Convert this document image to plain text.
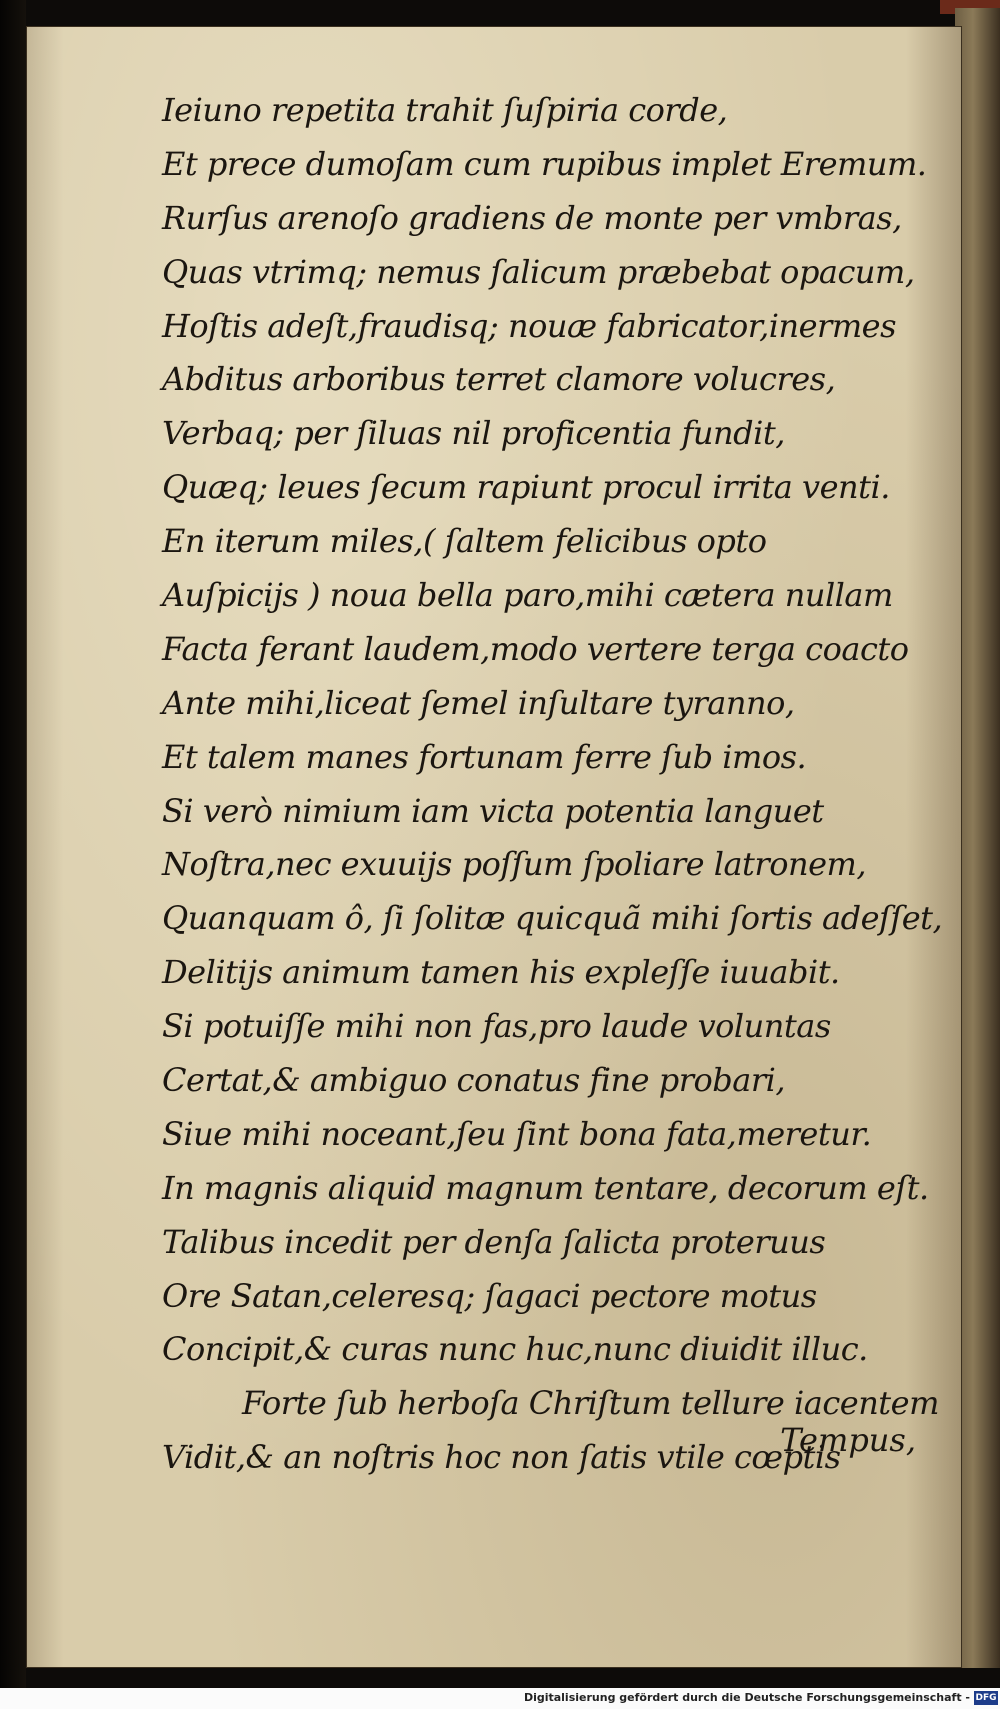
Ieiuno repetita trahit ſuſpiria corde,
Et prece dumoſam cum rupibus implet Eremum.
Rurſus arenoſo gradiens de monte per vmbras,
Quas vtrimq; nemus ſalicum præbebat opacum,
Hoſtis adeſt,fraudisq; nouæ fabricator,inermes
Abditus arboribus terret clamore volucres,
Verbaq; per ſiluas nil proficentia fundit,
Quæq; leues ſecum rapiunt procul irrita venti.
En iterum miles,( ſaltem felicibus opto
Auſpicijs ) noua bella paro,mihi cætera nullam
Facta ferant laudem,modo vertere terga coacto
Ante mihi,liceat ſemel inſultare tyranno,
Et talem manes fortunam ferre ſub imos.
Si verò nimium iam victa potentia languet
Noſtra,nec exuuijs poſſum ſpoliare latronem,
Quanquam ô, ſi ſolitæ quicquã mihi ſortis adeſſet,
Delitijs animum tamen his expleſſe iuuabit.
Si potuiſſe mihi non fas,pro laude voluntas
Certat,& ambiguo conatus fine probari,
Siue mihi noceant,ſeu ſint bona fata,meretur.
In magnis aliquid magnum tentare, decorum eſt.
Talibus incedit per denſa ſalicta proteruus
Ore Satan,celeresq; ſagaci pectore motus
Concipit,& curas nunc huc,nunc diuidit illuc.
Forte ſub herboſa Chriſtum tellure iacentem
Vidit,& an noſtris hoc non ſatis vtile cœptis
Tempus,
Digitalisierung gefördert durch die Deutsche Forschungsgemeinschaft - DFG
